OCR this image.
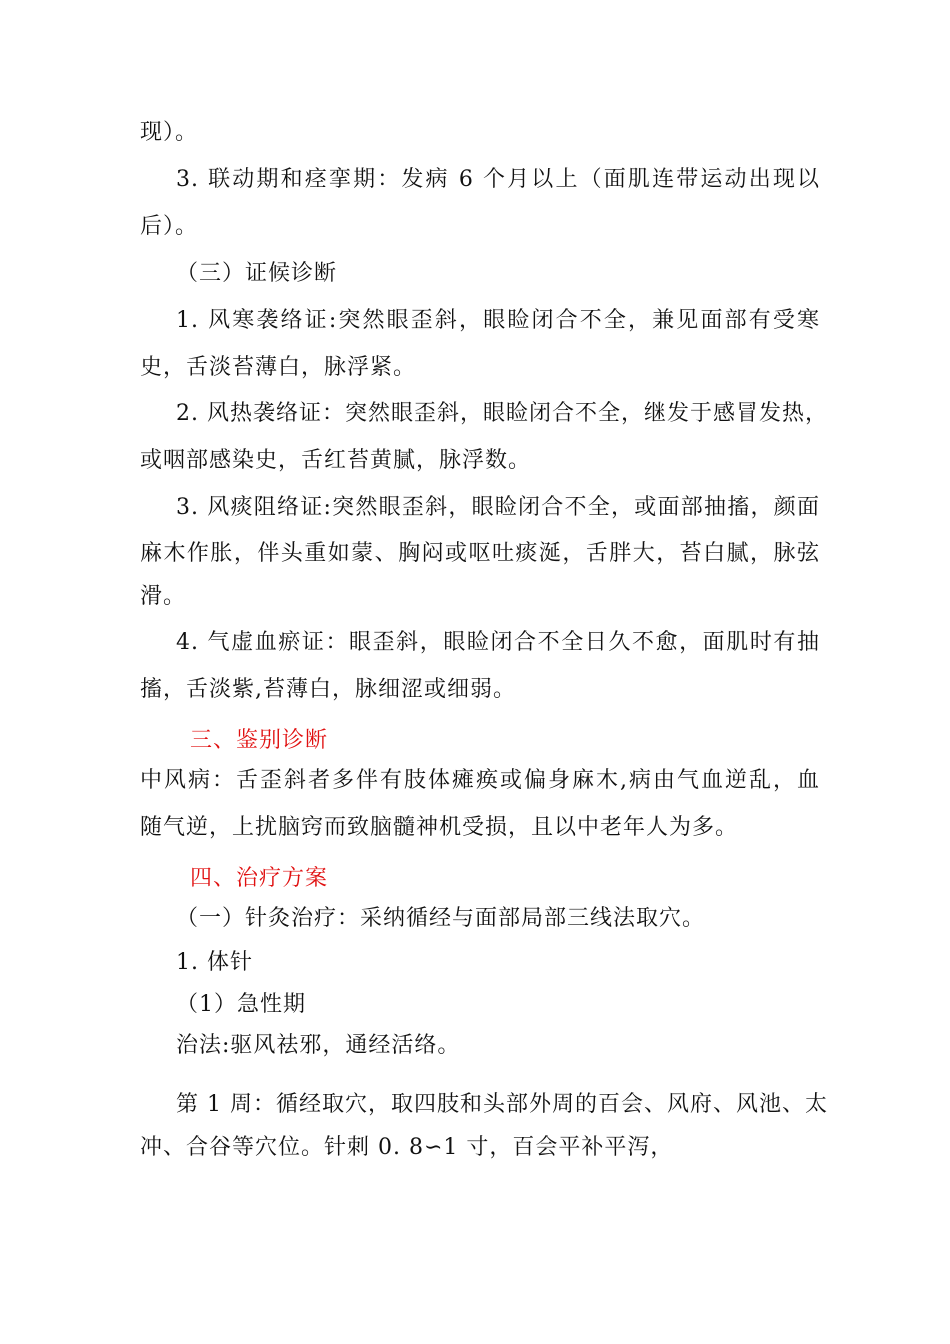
现）。
3. 联动期和痉挛期：发病 6 个月以上（面肌连带运动出现以
后）。
（三）证候诊断
1. 风寒袭络证:突然眼歪斜，眼睑闭合不全，兼见面部有受寒
史，舌淡苔薄白，脉浮紧。
2. 风热袭络证：突然眼歪斜，眼睑闭合不全，继发于感冒发热，
或咽部感染史，舌红苔黄腻，脉浮数。
3. 风痰阻络证:突然眼歪斜，眼睑闭合不全，或面部抽搐，颜面
麻木作胀，伴头重如蒙、胸闷或呕吐痰涎，舌胖大，苔白腻，脉弦
滑。
4. 气虚血瘀证：眼歪斜，眼睑闭合不全日久不愈，面肌时有抽
搐，舌淡紫,苔薄白，脉细涩或细弱。
三、鉴别诊断
中风病：舌歪斜者多伴有肢体瘫痪或偏身麻木,病由气血逆乱，血
随气逆，上扰脑窍而致脑髓神机受损，且以中老年人为多。
四、治疗方案
（一）针灸治疗：采纳循经与面部局部三线法取穴。
1. 体针
（1）急性期
治法:驱风祛邪，通经活络。
第 1 周：循经取穴，取四肢和头部外周的百会、风府、风池、太
冲、合谷等穴位。针刺 0. 8∽1 寸，百会平补平泻，
